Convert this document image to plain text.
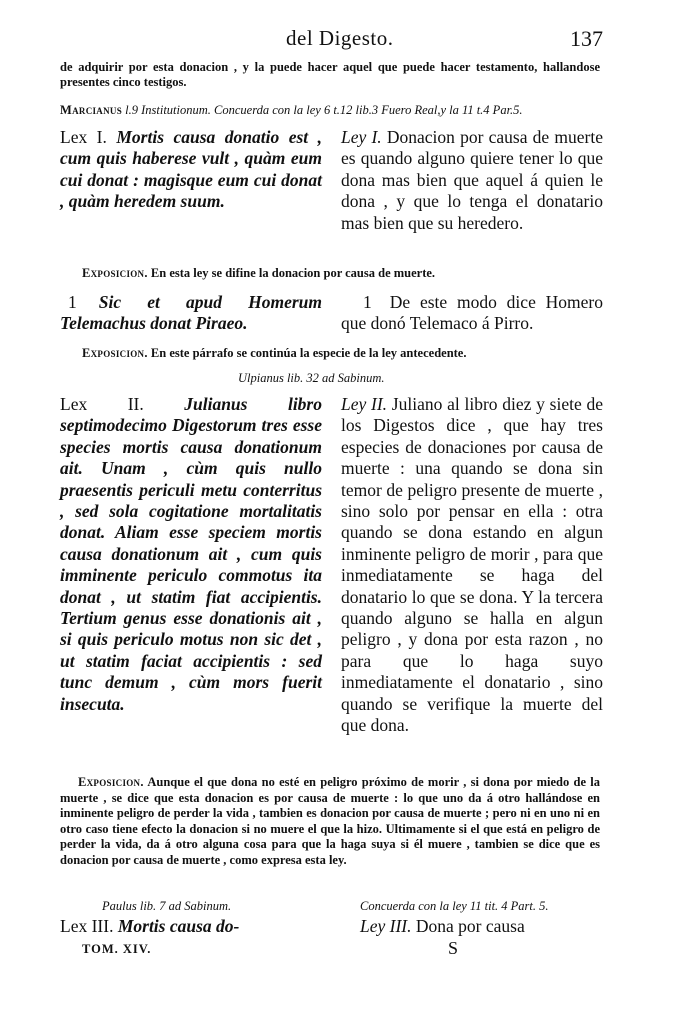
del Digesto.	137
de adquirir por esta donacion , y la puede hacer aquel que puede hacer testamento, hallandose presentes cinco testigos.
Marcianus l.9 Institutionum. Concuerda con la ley 6 t.12 lib.3 Fuero Real,y la 11 t.4 Par.5.

Lex I. Mortis causa donatio est , cum quis haberese vult , quàm eum cui donat : magisque eum cui donat , quàm heredem suum.

Ley I. Donacion por causa de muerte es quando alguno quiere tener lo que dona mas bien que aquel á quien le dona , y que lo tenga el donatario mas bien que su heredero.

Exposicion. En esta ley se difine la donacion por causa de muerte.

1 Sic et apud Homerum Telemachus donat Piraeo.

1 De este modo dice Homero que donó Telemaco á Pirro.

Exposicion. En este párrafo se continúa la especie de la ley antecedente.

Ulpianus lib. 32 ad Sabinum.

Lex II. Julianus libro septimodecimo Digestorum tres esse species mortis causa donationum ait. Unam , cùm quis nullo praesentis periculi metu conterritus , sed sola cogitatione mortalitatis donat. Aliam esse speciem mortis causa donationum ait , cum quis imminente periculo commotus ita donat , ut statim fiat accipientis. Tertium genus esse donationis ait , si quis periculo motus non sic det , ut statim faciat accipientis : sed tunc demum , cùm mors fuerit insecuta.

Ley II. Juliano al libro diez y siete de los Digestos dice , que hay tres especies de donaciones por causa de muerte : una quando se dona sin temor de peligro presente de muerte , sino solo por pensar en ella : otra quando se dona estando en algun inminente peligro de morir , para que inmediatamente se haga del donatario lo que se dona. Y la tercera quando alguno se halla en algun peligro , y dona por esta razon , no para que lo haga suyo inmediatamente el donatario , sino quando se verifique la muerte del que dona.

Exposicion. Aunque el que dona no esté en peligro próximo de morir , si dona por miedo de la muerte , se dice que esta donacion es por causa de muerte : lo que uno da á otro hallándose en inminente peligro de perder la vida , tambien es donacion por causa de muerte ; pero ni en uno ni en otro caso tiene efecto la donacion si no muere el que la hizo. Ultimamente si el que está en peligro de perder la vida, da á otro alguna cosa para que la haga suya si él muere , tambien se dice que es donacion por causa de muerte , como expresa esta ley.

Paulus lib. 7 ad Sabinum.	Concuerda con la ley 11 tit. 4 Part. 5.

Lex III. Mortis causa do-	Ley III. Dona por causa

TOM. XIV.	S
